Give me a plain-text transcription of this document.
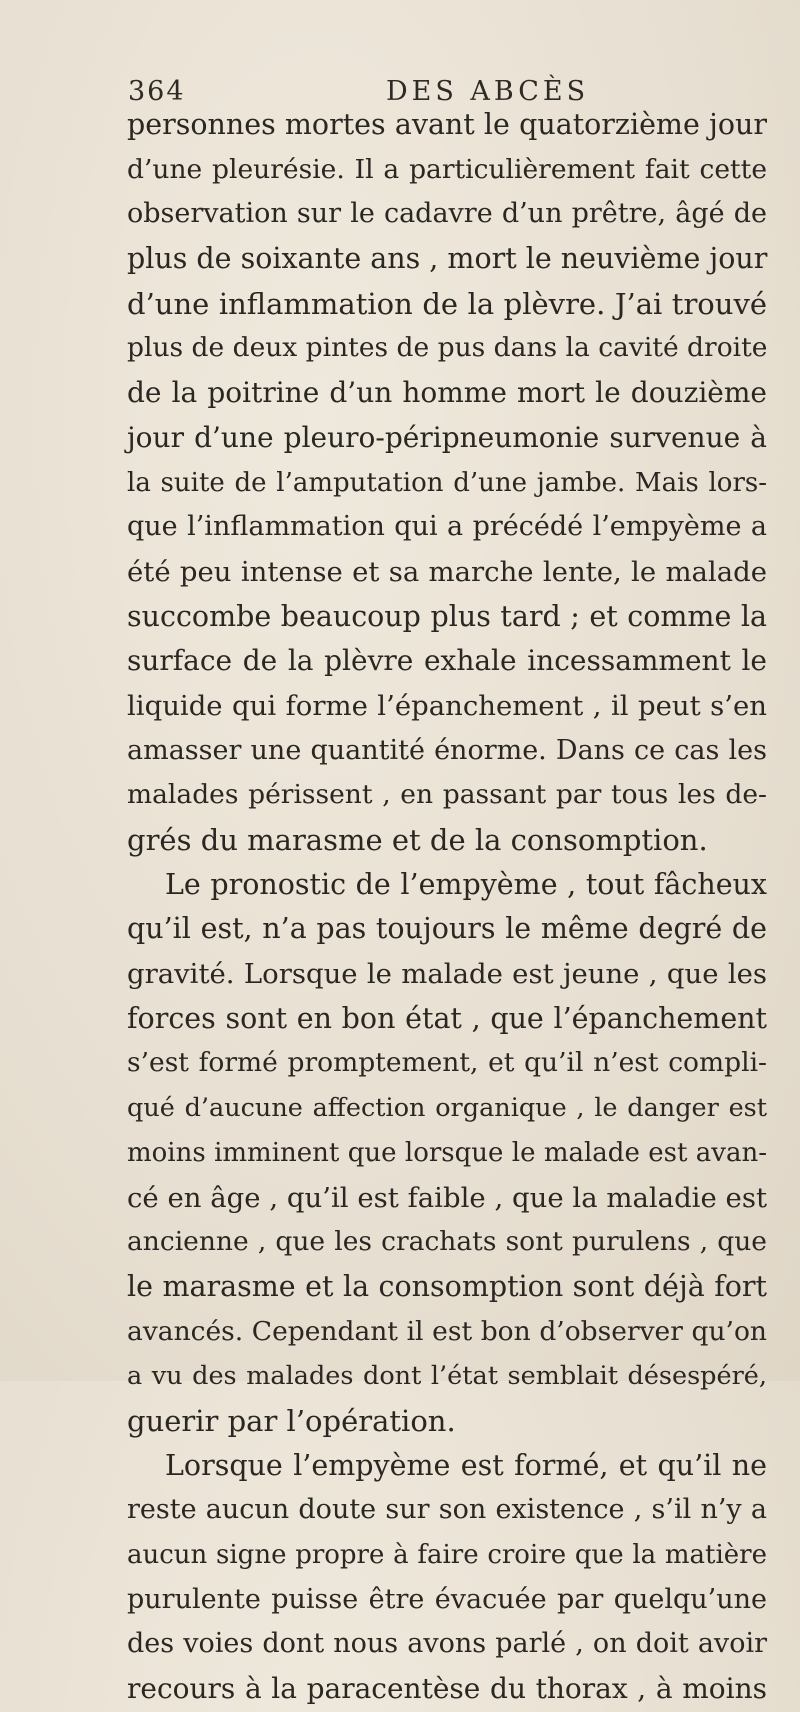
364	DES ABCÈS
personnes mortes avant le quatorzième jour
d’une pleurésie. Il a particulièrement fait cette
observation sur le cadavre d’un prêtre, âgé de
plus de soixante ans , mort le neuvième jour
d’une inflammation de la plèvre. J’ai trouvé
plus de deux pintes de pus dans la cavité droite
de la poitrine d’un homme mort le douzième
jour d’une pleuro-péripneumonie survenue à
la suite de l’amputation d’une jambe. Mais lors-
que l’inflammation qui a précédé l’empyème a
été peu intense et sa marche lente, le malade
succombe beaucoup plus tard ; et comme la
surface de la plèvre exhale incessamment le
liquide qui forme l’épanchement , il peut s’en
amasser une quantité énorme. Dans ce cas les
malades périssent , en passant par tous les de-
grés du marasme et de la consomption.
Le pronostic de l’empyème , tout fâcheux
qu’il est, n’a pas toujours le même degré de
gravité. Lorsque le malade est jeune , que les
forces sont en bon état , que l’épanchement
s’est formé promptement, et qu’il n’est compli-
qué d’aucune affection organique , le danger est
moins imminent que lorsque le malade est avan-
cé en âge , qu’il est faible , que la maladie est
ancienne , que les crachats sont purulens , que
le marasme et la consomption sont déjà fort
avancés. Cependant il est bon d’observer qu’on
a vu des malades dont l’état semblait désespéré,
guerir par l’opération.
Lorsque l’empyème est formé, et qu’il ne
reste aucun doute sur son existence , s’il n’y a
aucun signe propre à faire croire que la matière
purulente puisse être évacuée par quelqu’une
des voies dont nous avons parlé , on doit avoir
recours à la paracentèse du thorax , à moins
